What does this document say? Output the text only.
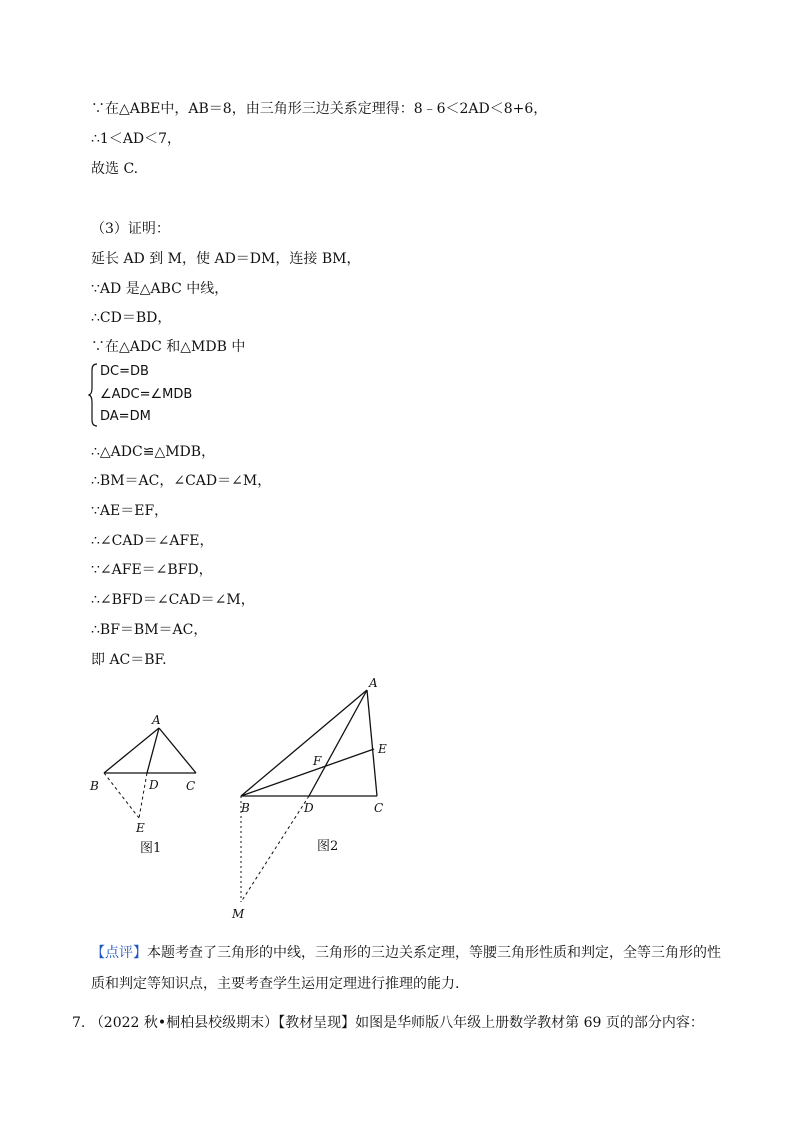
∵在△ABE中，AB＝8，由三角形三边关系定理得：8﹣6＜2AD＜8+6，
∴1＜AD＜7，
故选 C.
（3）证明：
延长 AD 到 M，使 AD＝DM，连接 BM，
∵AD 是△ABC 中线，
∴CD＝BD，
∵在△ADC 和△MDB 中
DC=DB
∠ADC=∠MDB
DA=DM
∴△ADC≌△MDB，
∴BM＝AC，∠CAD＝∠M，
∵AE＝EF，
∴∠CAD＝∠AFE，
∵∠AFE＝∠BFD，
∴∠BFD＝∠CAD＝∠M，
∴BF＝BM＝AC，
即 AC＝BF.
A
B	D C
E
图1
A
E
F
B	D	C
M
图2
【点评】本题考查了三角形的中线，三角形的三边关系定理，等腰三角形性质和判定，全等三角形的性质和判定等知识点，主要考查学生运用定理进行推理的能力.
7. （2022 秋•桐柏县校级期末）【教材呈现】如图是华师版八年级上册数学教材第 69 页的部分内容：
